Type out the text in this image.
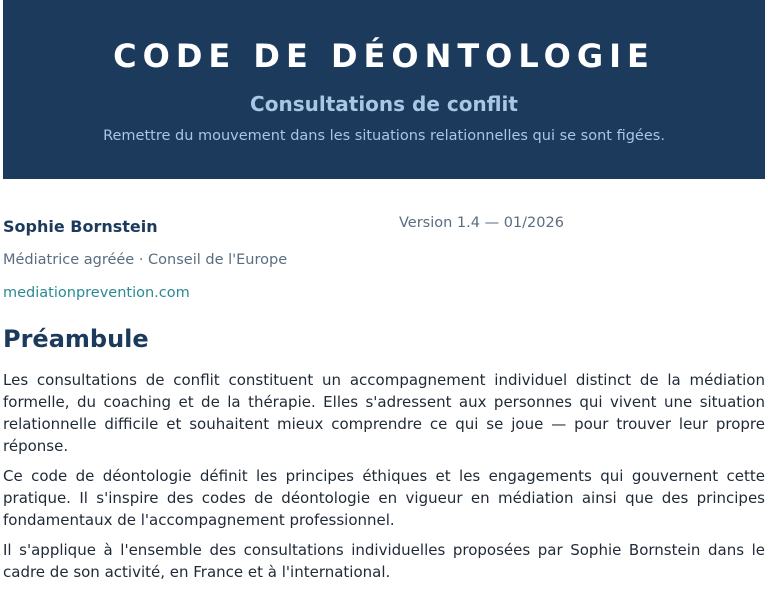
CODE DE DÉONTOLOGIE
Consultations de conflit
Remettre du mouvement dans les situations relationnelles qui se sont figées.
Sophie Bornstein	Version 1.4 — 01/2026
Médiatrice agréée · Conseil de l'Europe
mediationprevention.com
Préambule

Les consultations de conflit constituent un accompagnement individuel distinct de la médiation formelle, du coaching et de la thérapie. Elles s'adressent aux personnes qui vivent une situation relationnelle difficile et souhaitent mieux comprendre ce qui se joue — pour trouver leur propre réponse.

Ce code de déontologie définit les principes éthiques et les engagements qui gouvernent cette pratique. Il s'inspire des codes de déontologie en vigueur en médiation ainsi que des principes fondamentaux de l'accompagnement professionnel.

Il s'applique à l'ensemble des consultations individuelles proposées par Sophie Bornstein dans le cadre de son activité, en France et à l'international.
